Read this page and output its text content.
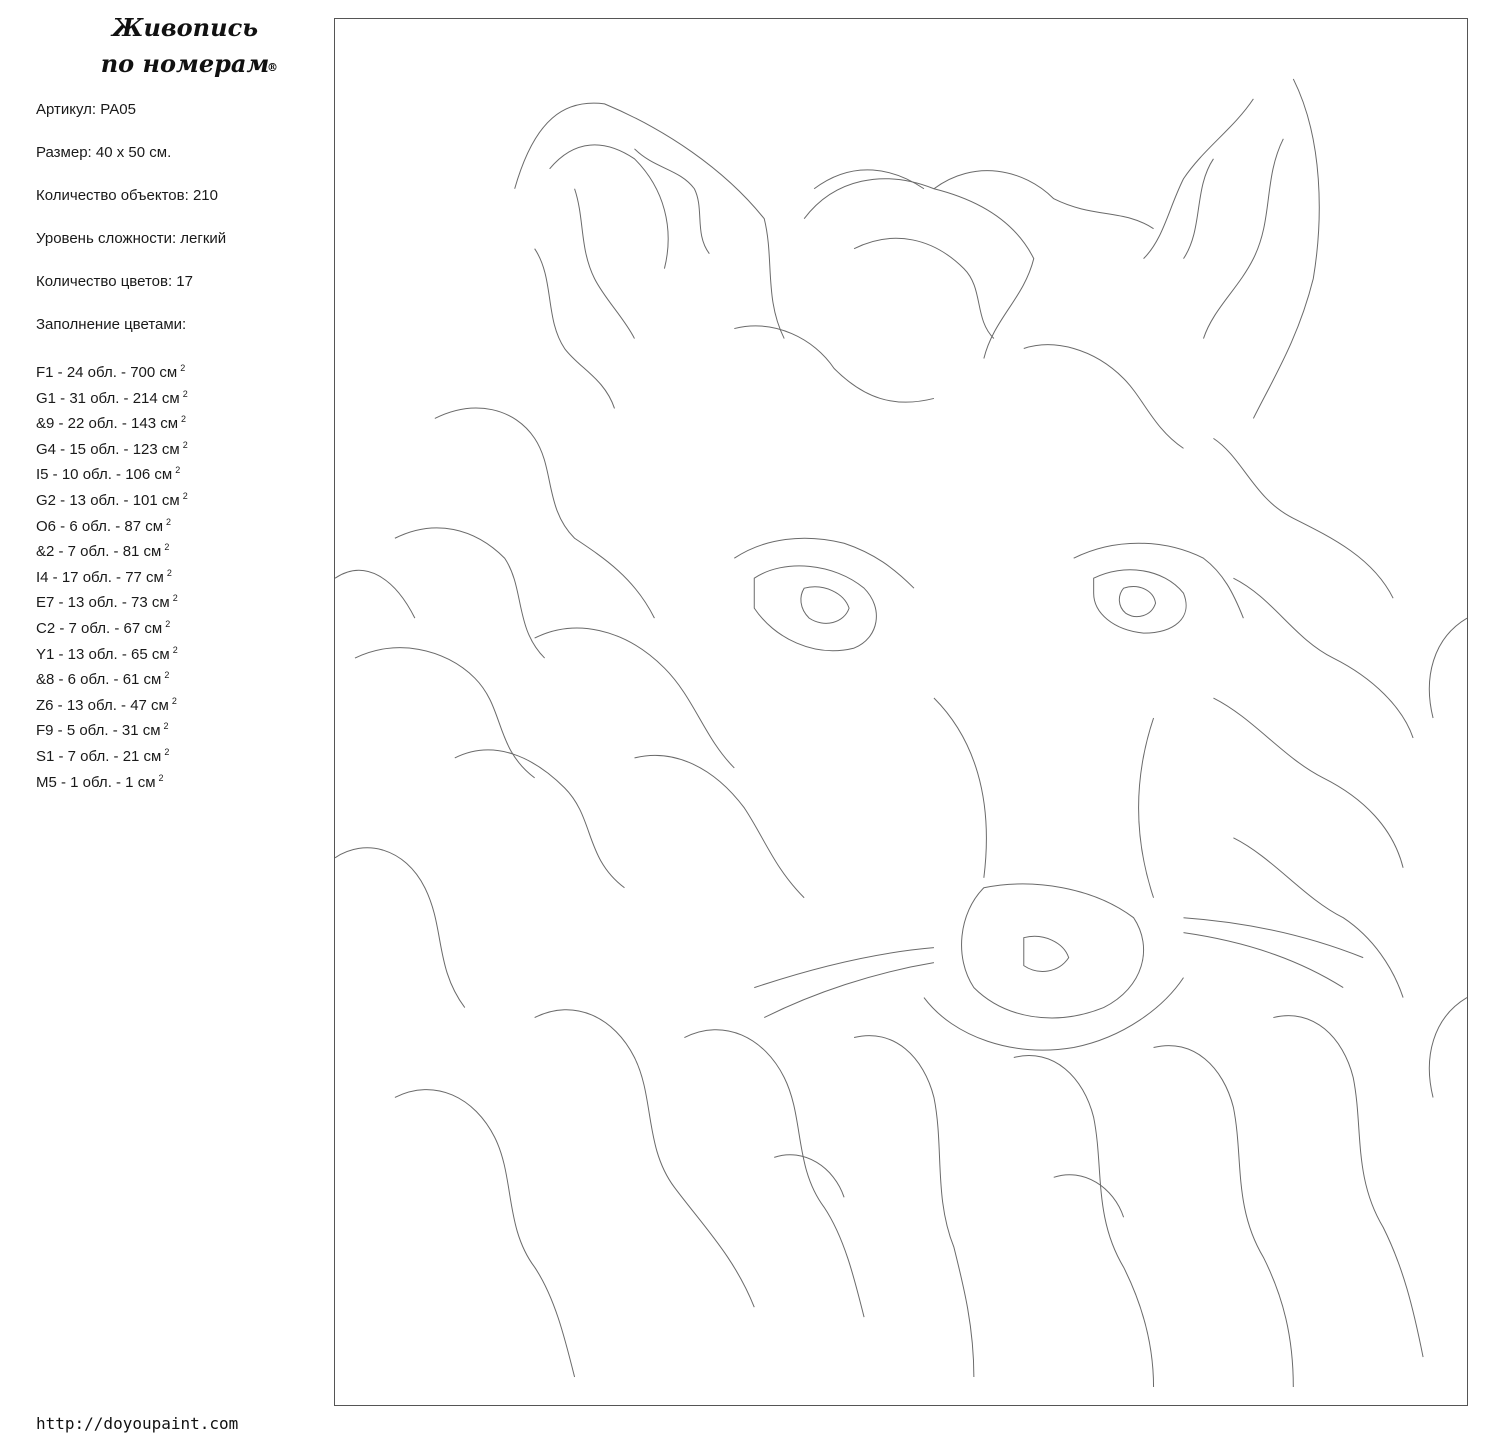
Живопись
по номерам
®
Артикул: РА05
Размер: 40 х 50 см.
Количество объектов: 210
Уровень сложности: легкий
Количество цветов: 17
Заполнение цветами:
F1 - 24 обл. - 700 см $^2$
G1 - 31 обл. - 214 см $^2$
&9 - 22 обл. - 143 см $^2$
G4 - 15 обл. - 123 см $^2$
I5 - 10 обл. - 106 см $^2$
G2 - 13 обл. - 101 см $^2$
O6 - 6 обл. - 87 см $^2$
&2 - 7 обл. - 81 см $^2$
I4 - 17 обл. - 77 см $^2$
E7 - 13 обл. - 73 см $^2$
C2 - 7 обл. - 67 см $^2$
Y1 - 13 обл. - 65 см $^2$
&8 - 6 обл. - 61 см $^2$
Z6 - 13 обл. - 47 см $^2$
F9 - 5 обл. - 31 см $^2$
S1 - 7 обл. - 21 см $^2$
M5 - 1 обл. - 1 см $^2$
http://doyoupaint.com
